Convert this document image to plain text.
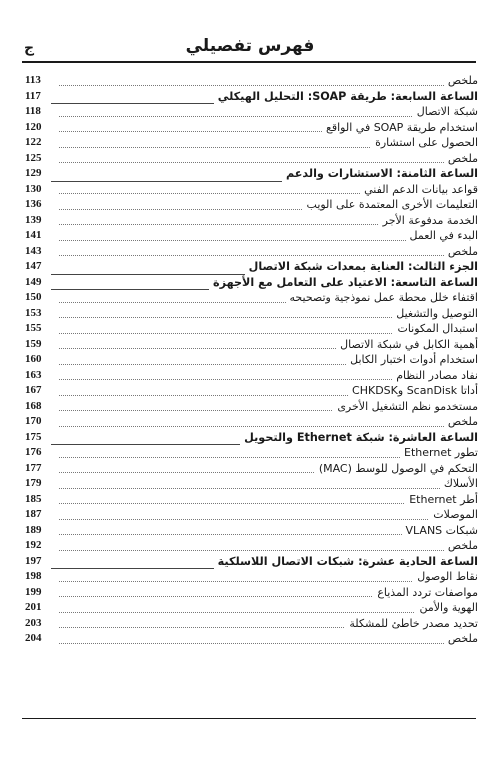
فهرس تفصيلي
ج
ملخص
113
الساعة السابعة: طريقة SOAP: التحليل الهيكلي
117
شبكة الاتصال
118
استخدام طريقة SOAP في الواقع
120
الحصول على استشارة
122
ملخص
125
الساعة الثامنة: الاستشارات والدعم
129
قواعد بيانات الدعم الفني
130
التعليمات الأخرى المعتمدة على الويب
136
الخدمة مدفوعة الأجر
139
البدء في العمل
141
ملخص
143
الجزء الثالث: العناية بمعدات شبكة الاتصال
147
الساعة التاسعة: الاعتياد على التعامل مع الأجهزة
149
اقتفاء خلل محطة عمل نموذجية وتصحيحه
150
التوصيل والتشغيل
153
استبدال المكونات
155
أهمية الكابل في شبكة الاتصال
159
استخدام أدوات اختبار الكابل
160
نفاد مصادر النظام
163
أداتا ScanDisk وCHKDSK
167
مستخدمو نظم التشغيل الأخرى
168
ملخص
170
الساعة العاشرة: شبكة Ethernet والتحويل
175
تطور Ethernet
176
التحكم في الوصول للوسط (MAC)
177
الأسلاك
179
أطر Ethernet
185
الموصلات
187
شبكات VLANS
189
ملخص
192
الساعة الحادية عشرة: شبكات الاتصال اللاسلكية
197
نقاط الوصول
198
مواصفات تردد المذياع
199
الهوية والأمن
201
تحديد مصدر خاطئ للمشكلة
203
ملخص
204
